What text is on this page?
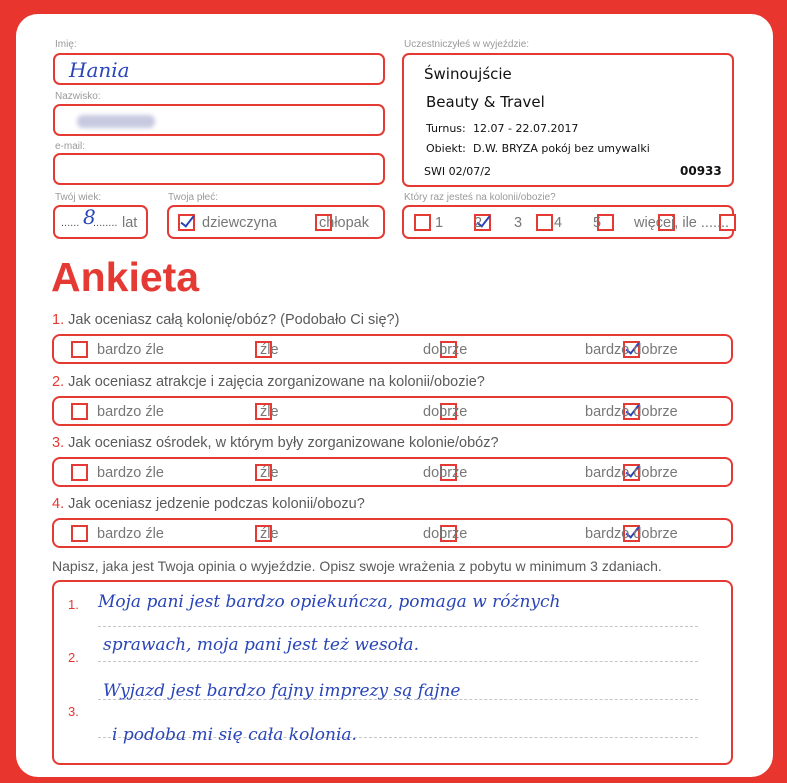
Imię:
Hania
Nazwisko:
e-mail:
Twój wiek:
...... 8
........ lat
Twoja płeć:

dziewczyna	chłopak
Uczestniczyłeś w wyjeździe:
Świnoujście
Beauty & Travel
Turnus: 12.07 - 22.07.2017
Obiekt: D.W. BRYZA pokój bez umywalki
SWI 02/07/2	00933
Który raz jesteś na kolonii/obozie?

1
2
3
4
5 więcej, ile .......
Ankieta
1. Jak oceniasz całą kolonię/obóz? (Podobało Ci się?)

bardzo źle
	źle
	dobrze	bardzo dobrze
2. Jak oceniasz atrakcje i zajęcia zorganizowane na kolonii/obozie?

bardzo źle
	źle
	dobrze	bardzo dobrze
3. Jak oceniasz ośrodek, w którym były zorganizowane kolonie/obóz?

bardzo źle
	źle
	dobrze	bardzo dobrze
4. Jak oceniasz jedzenie podczas kolonii/obozu?

bardzo źle
	źle
	dobrze	bardzo dobrze
Napisz, jaka jest Twoja opinia o wyjeździe. Opisz swoje wrażenia z pobytu w minimum 3 zdaniach.
1.
2.
3.
Moja pani jest bardzo opiekuńcza, pomaga w różnych
sprawach, moja pani jest też wesoła.
Wyjazd jest bardzo fajny imprezy są fajne
i podoba mi się cała kolonia.
